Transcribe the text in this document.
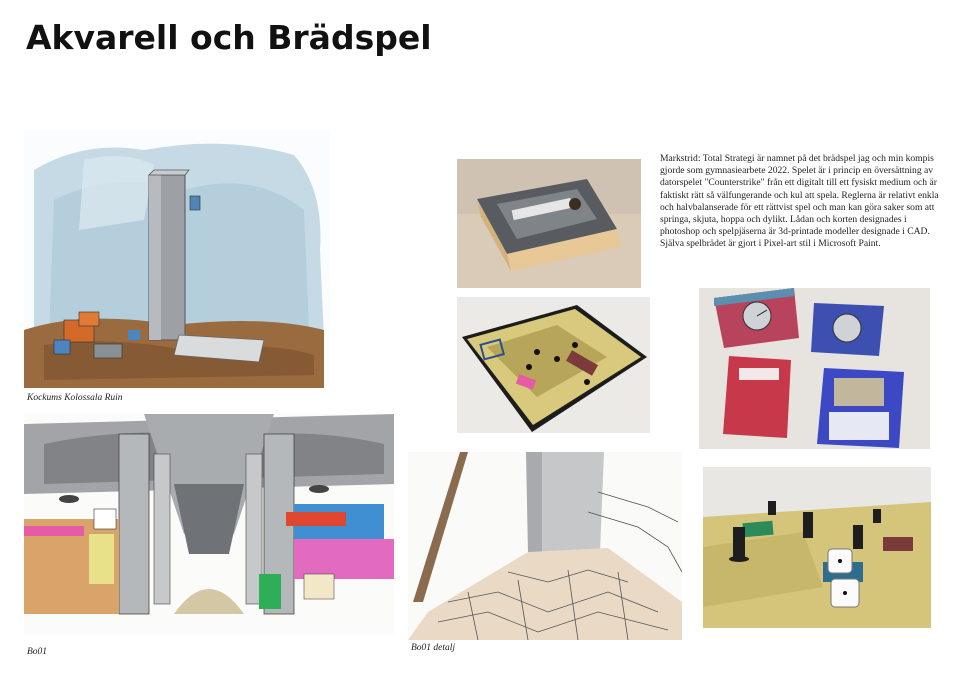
Akvarell och Brädspel
Kockums Kolossala Ruin
Bo01	Bo01 detalj

Markstrid: Total Strategi är namnet på det brädspel jag och min kompis gjorde som gymnasiearbete 2022. Spelet är i princip en översättning av datorspelet "Counterstrike" från ett digitalt till ett fysiskt medium och är faktiskt rätt så välfungerande och kul att spela. Reglerna är relativt enkla och halvbalanserade för ett rättvist spel och man kan göra saker som att springa, skjuta, hoppa och dylikt. Lådan och korten designades i photoshop och spelpjäserna är 3d-printade modeller designade i CAD. Själva spelbrädet är gjort i Pixel-art stil i Microsoft Paint.
